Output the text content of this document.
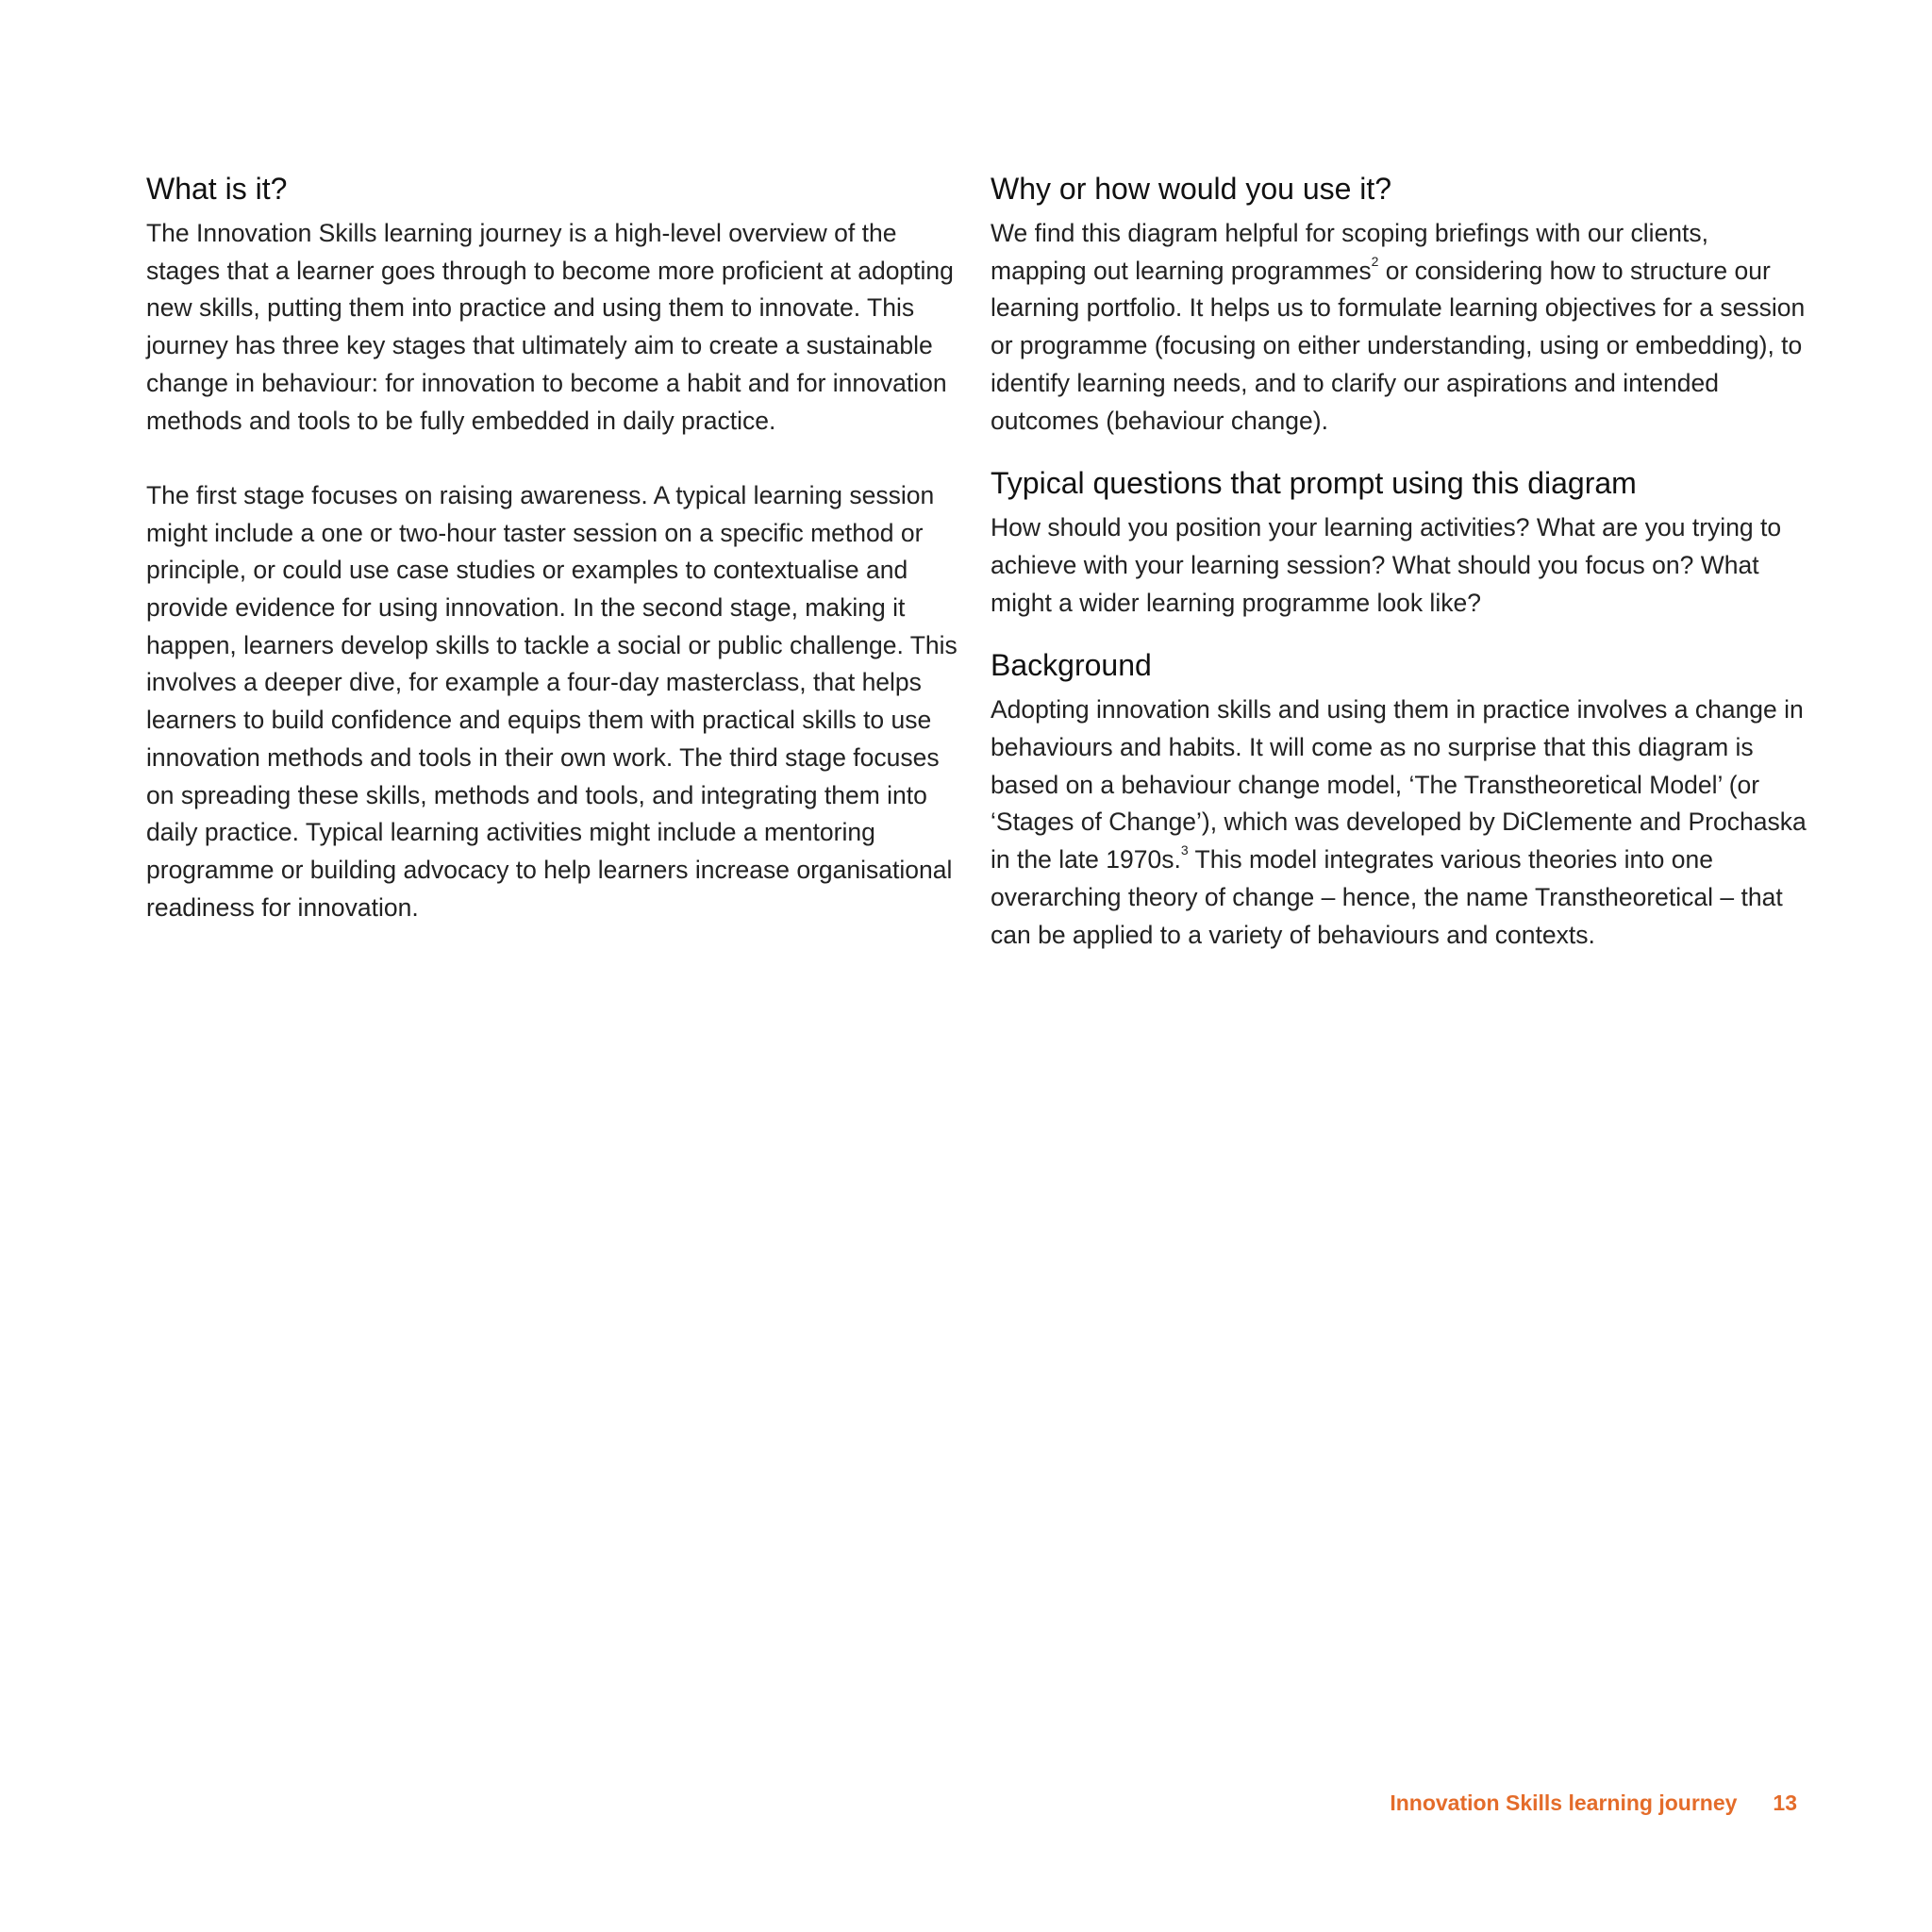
What is it?

The Innovation Skills learning journey is a high-level overview of the stages that a learner goes through to become more proficient at adopting new skills, putting them into practice and using them to innovate. This journey has three key stages that ultimately aim to create a sustainable change in behaviour: for innovation to become a habit and for innovation methods and tools to be fully embedded in daily practice.

The first stage focuses on raising awareness. A typical learning session might include a one or two-hour taster session on a specific method or principle, or could use case studies or examples to contextualise and provide evidence for using innovation. In the second stage, making it happen, learners develop skills to tackle a social or public challenge. This involves a deeper dive, for example a four-day masterclass, that helps learners to build confidence and equips them with practical skills to use innovation methods and tools in their own work. The third stage focuses on spreading these skills, methods and tools, and integrating them into daily practice. Typical learning activities might include a mentoring programme or building advocacy to help learners increase organisational readiness for innovation.

Why or how would you use it?

We find this diagram helpful for scoping briefings with our clients, mapping out learning programmes$^2$ or considering how to structure our learning portfolio. It helps us to formulate learning objectives for a session or programme (focusing on either understanding, using or embedding), to identify learning needs, and to clarify our aspirations and intended outcomes (behaviour change).

Typical questions that prompt using this diagram

How should you position your learning activities? What are you trying to achieve with your learning session? What should you focus on? What might a wider learning programme look like?

Background

Adopting innovation skills and using them in practice involves a change in behaviours and habits. It will come as no surprise that this diagram is based on a behaviour change model, ‘The Transtheoretical Model’ (or ‘Stages of Change’), which was developed by DiClemente and Prochaska in the late 1970s.$^3$ This model integrates various theories into one overarching theory of change – hence, the name Transtheoretical – that can be applied to a variety of behaviours and contexts.

Innovation Skills learning journey 13
